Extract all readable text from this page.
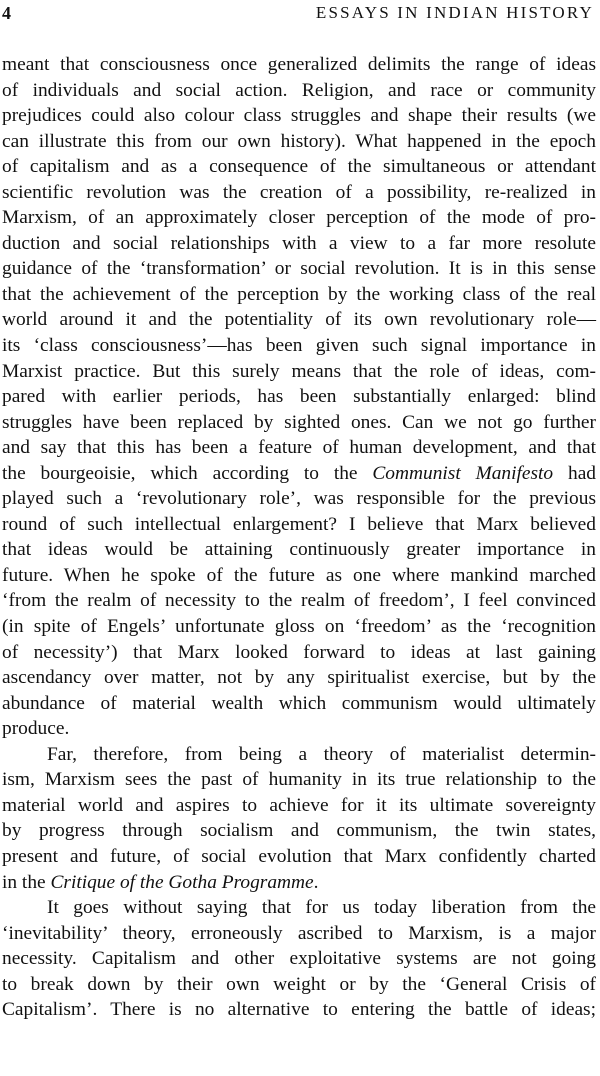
4	ESSAYS IN INDIAN HISTORY
meant that consciousness once generalized delimits the range of ideas
of individuals and social action. Religion, and race or community
prejudices could also colour class struggles and shape their results (we
can illustrate this from our own history). What happened in the epoch
of capitalism and as a consequence of the simultaneous or attendant
scientific revolution was the creation of a possibility, re-realized in
Marxism, of an approximately closer perception of the mode of pro-
duction and social relationships with a view to a far more resolute
guidance of the ‘transformation’ or social revolution. It is in this sense
that the achievement of the perception by the working class of the real
world around it and the potentiality of its own revolutionary role—
its ‘class consciousness’—has been given such signal importance in
Marxist practice. But this surely means that the role of ideas, com-
pared with earlier periods, has been substantially enlarged: blind
struggles have been replaced by sighted ones. Can we not go further
and say that this has been a feature of human development, and that
the bourgeoisie, which according to the Communist Manifesto had
played such a ‘revolutionary role’, was responsible for the previous
round of such intellectual enlargement? I believe that Marx believed
that ideas would be attaining continuously greater importance in
future. When he spoke of the future as one where mankind marched
‘from the realm of necessity to the realm of freedom’, I feel convinced
(in spite of Engels’ unfortunate gloss on ‘freedom’ as the ‘recognition
of necessity’) that Marx looked forward to ideas at last gaining
ascendancy over matter, not by any spiritualist exercise, but by the
abundance of material wealth which communism would ultimately
produce.
Far, therefore, from being a theory of materialist determin-
ism, Marxism sees the past of humanity in its true relationship to the
material world and aspires to achieve for it its ultimate sovereignty
by progress through socialism and communism, the twin states,
present and future, of social evolution that Marx confidently charted
in the Critique of the Gotha Programme.
It goes without saying that for us today liberation from the
‘inevitability’ theory, erroneously ascribed to Marxism, is a major
necessity. Capitalism and other exploitative systems are not going
to break down by their own weight or by the ‘General Crisis of
Capitalism’. There is no alternative to entering the battle of ideas;
